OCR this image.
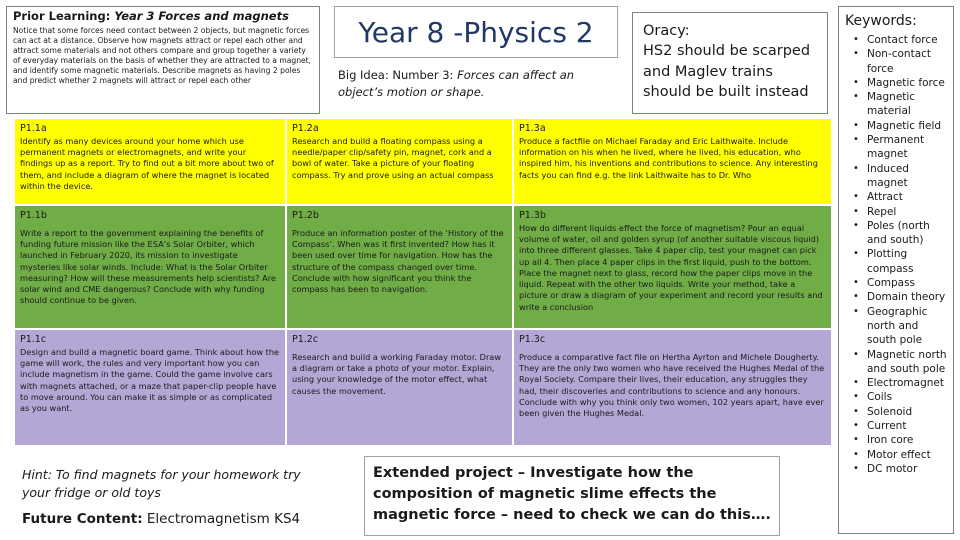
Prior Learning: Year 3 Forces and magnets
Notice that some forces need contact between 2 objects, but magnetic forces can act at a distance. Observe how magnets attract or repel each other and attract some materials and not others compare and group together a variety of everyday materials on the basis of whether they are attracted to a magnet, and identify some magnetic materials. Describe magnets as having 2 poles and predict whether 2 magnets will attract or repel each other
Year 8 -Physics 2
Big Idea: Number 3: Forces can affect an object’s motion or shape.
Oracy:
HS2 should be scarped
and Maglev trains
should be built instead
P1.1a
Identify as many devices around your home which use permanent magnets or electromagnets, and write your findings up as a report. Try to find out a bit more about two of them, and include a diagram of where the magnet is located within the device.
P1.2a
Research and build a floating compass using a needle/paper clip/safety pin, magnet, cork and a bowl of water. Take a picture of your floating compass. Try and prove using an actual compass
P1.3a
Produce a factfile on Michael Faraday and Eric Laithwaite. Include information on his when he lived, where he lived, his education, who inspired him, his inventions and contributions to science. Any interesting facts you can find e.g. the link Laithwaite has to Dr. Who
P1.1b
Write a report to the government explaining the benefits of funding future mission like the ESA’s Solar Orbiter, which launched in February 2020, its mission to investigate mysteries like solar winds. Include: What is the Solar Orbiter measuring? How will these measurements help scientists? Are solar wind and CME dangerous? Conclude with why funding should continue to be given.
P1.2b
Produce an information poster of the ‘History of the Compass’. When was it first invented? How has it been used over time for navigation. How has the structure of the compass changed over time. Conclude with how significant you think the compass has been to navigation.
P1.3b
How do different liquids effect the force of magnetism? Pour an equal volume of water, oil and golden syrup (of another suitable viscous liquid) into three different glasses. Take 4 paper clip, test your magnet can pick up all 4. Then place 4 paper clips in the first liquid, push to the bottom. Place the magnet next to glass, record how the paper clips move in the liquid. Repeat with the other two liquids. Write your method, take a picture or draw a diagram of your experiment and record your results and write a conclusion
P1.1c
Design and build a magnetic board game. Think about how the game will work, the rules and very important how you can include magnetism in the game. Could the game involve cars with magnets attached, or a maze that paper-clip people have to move around. You can make it as simple or as complicated as you want.
P1.2c
Research and build a working Faraday motor. Draw a diagram or take a photo of your motor. Explain, using your knowledge of the motor effect, what causes the movement.
P1.3c
Produce a comparative fact file on Hertha Ayrton and Michele Dougherty. They are the only two women who have received the Hughes Medal of the Royal Society. Compare their lives, their education, any struggles they had, their discoveries and contributions to science and any honours. Conclude with why you think only two women, 102 years apart, have ever been given the Hughes Medal.
Hint: To find magnets for your homework try your fridge or old toys
Future Content: Electromagnetism KS4
Extended project – Investigate how the composition of magnetic slime effects the magnetic force – need to check we can do this….
Keywords:
• Contact force
• Non-contact force
• Magnetic force
• Magnetic material
• Magnetic field
• Permanent magnet
• Induced magnet
• Attract
• Repel
• Poles (north and south)
• Plotting compass
• Compass
• Domain theory
• Geographic north and south pole
• Magnetic north and south pole
• Electromagnet
• Coils
• Solenoid
• Current
• Iron core
• Motor effect
• DC motor
